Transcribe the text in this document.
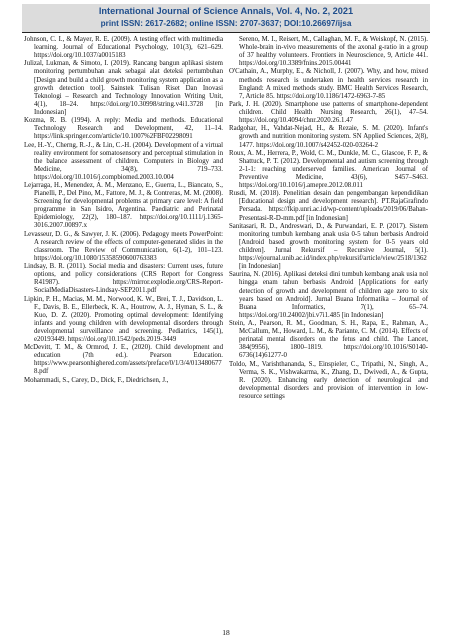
International Journal of Science Annals, Vol. 4, No. 2, 2021
print ISSN: 2617-2682; online ISSN: 2707-3637; DOI:10.26697/ijsa

Johnson, C. I., & Mayer, R. E. (2009). A testing effect with multimedia learning. Journal of Educational Psychology, 101(3), 621–629. https://doi.org/10.1037/a0015183

Julizal, Lukman, & Simoto, I. (2019). Rancang bangun aplikasi sistem monitoring pertumbuhan anak sebagai alat deteksi pertumbuhan [Design and build a child growth monitoring system application as a growth detection tool]. Sainstek Tulisan Riset Dan Inovasi Teknologi – Research and Technology Innovation Writing Unit, 4(1), 18–24. https://doi.org/10.30998/string.v4i1.3728 [in Indonesian]

Kozma, R. B. (1994). A reply: Media and methods. Educational Technology Research and Development, 42, 11–14. https://link.springer.com/article/10.1007%2FBF02298091

Lee, H.-Y., Cherng, R.-J., & Lin, C.-H. (2004). Development of a virtual reality environment for somatosensory and perceptual stimulation in the balance assessment of children. Computers in Biology and Medicine, 34(8), 719–733. https://doi.org/10.1016/j.compbiomed.2003.10.004

Lejarraga, H., Menendez, A. M., Menzano, E., Guerra, L., Biancato, S., Pianelli, P., Del Pino, M., Fattore, M. J., & Contreras, M. M. (2008). Screening for developmental problems at primary care level: A field programme in San Isidro, Argentina. Paediatric and Perinatal Epidemiology, 22(2), 180–187. https://doi.org/10.1111/j.1365-3016.2007.00897.x

Levasseur, D. G., & Sawyer, J. K. (2006). Pedagogy meets PowerPoint: A research review of the effects of computer-generated slides in the classroom. The Review of Communication, 6(1-2), 101–123. https://doi.org/10.1080/15358590600763383

Lindsay, B. R. (2011). Social media and disasters: Current uses, future options, and policy considerations (CRS Report for Congress R41987). https://mirror.explodie.org/CRS-Report-SocialMediaDisasters-Lindsay-SEP2011.pdf

Lipkin, P. H., Macias, M. M., Norwood, K. W., Brei, T. J., Davidson, L. F., Davis, B. E., Ellerbeck, K. A., Houtrow, A. J., Hyman, S. L., & Kuo, D. Z. (2020). Promoting optimal development: Identifying infants and young children with developmental disorders through developmental surveillance and screening. Pediatrics, 145(1), e20193449. https://doi.org/10.1542/peds.2019-3449

McDevitt, T. M., & Ormrod, J. E., (2020). Child development and education (7th ed.). Pearson Education. https://www.pearsonhighered.com/assets/preface/0/1/3/4/0134806778.pdf

Mohammadi, S., Carey, D., Dick, F., Diedrichsen, J.,

Sereno, M. I., Reisert, M., Callaghan, M. F., & Weiskopf, N. (2015). Whole-brain in-vivo measurements of the axonal g-ratio in a group of 37 healthy volunteers. Frontiers in Neuroscience, 9, Article 441. https://doi.org/10.3389/fnins.2015.00441

O'Cathain, A., Murphy, E., & Nicholl, J. (2007). Why, and how, mixed methods research is undertaken in health services research in England: A mixed methods study. BMC Health Services Research, 7, Article 85. https://doi.org/10.1186/1472-6963-7-85

Park, J. H. (2020). Smartphone use patterns of smartphone-dependent children. Child Health Nursing Research, 26(1), 47–54. https://doi.org/10.4094/chnr.2020.26.1.47

Radgohar, H., Vahdat-Nejad, H., & Rezaie, S. M. (2020). Infant's growth and nutrition monitoring system. SN Applied Sciences, 2(8), 1477. https://doi.org/10.1007/s42452-020-03264-2

Roux, A. M., Herrera, P., Wold, C. M., Dunkle, M. C., Glascoe, F. P., & Shattuck, P. T. (2012). Developmental and autism screening through 2-1-1: reaching underserved families. American Journal of Preventive Medicine, 43(6), S457–S463. https://doi.org/10.1016/j.amepre.2012.08.011

Rusdi, M. (2018). Penelitian desain dan pengembangan kependidikan [Educational design and development research]. PT.RajaGrafindo Persada. https://fkip.unri.ac.id/wp-content/uploads/2019/06/Bahan-Presentasi-R-D-mm.pdf [in Indonesian]

Sanitasari, R. D., Andreswari, D., & Purwandari, E. P. (2017). Sistem monitoring tumbuh kembang anak usia 0-5 tahun berbasis Android [Android based growth monitoring system for 0-5 years old children]. Jurnal Rekursif – Recursive Journal, 5(1). https://ejournal.unib.ac.id/index.php/rekursif/article/view/2518/1362 [in Indonesian]

Saurina, N. (2016). Aplikasi deteksi dini tumbuh kembang anak usia nol hingga enam tahun berbasis Android [Applications for early detection of growth and development of children age zero to six years based on Android]. Jurnal Buana Informatika – Journal of Buana Informatics, 7(1), 65–74. https://doi.org/10.24002/jbi.v7i1.485 [in Indonesian]

Stein, A., Pearson, R. M., Goodman, S. H., Rapa, E., Rahman, A., McCallum, M., Howard, L. M., & Pariante, C. M. (2014). Effects of perinatal mental disorders on the fetus and child. The Lancet, 384(9956), 1800–1819. https://doi.org/10.1016/S0140-6736(14)61277-0

Toldo, M., Varishthananda, S., Einspieler, C., Tripathi, N., Singh, A., Verma, S. K., Vishwakarma, K., Zhang, D., Dwivedi, A., & Gupta, R. (2020). Enhancing early detection of neurological and developmental disorders and provision of intervention in low-resource settings

18
